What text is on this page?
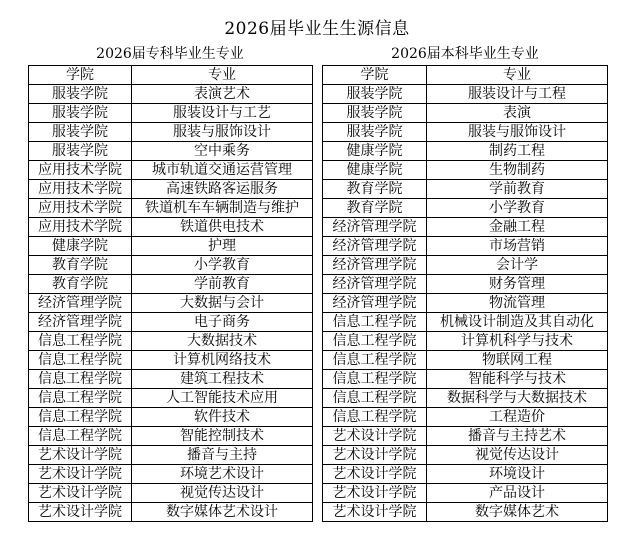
2026届毕业生生源信息
2026届专科毕业生专业	2026届本科毕业生专业
学院	专业
服装学院	表演艺术
服装学院	服装设计与工艺
服装学院	服装与服饰设计
服装学院	空中乘务
应用技术学院	城市轨道交通运营管理
应用技术学院	高速铁路客运服务
应用技术学院	铁道机车车辆制造与维护
应用技术学院	铁道供电技术
健康学院	护理
教育学院	小学教育
教育学院	学前教育
经济管理学院	大数据与会计
经济管理学院	电子商务
信息工程学院	大数据技术
信息工程学院	计算机网络技术
信息工程学院	建筑工程技术
信息工程学院	人工智能技术应用
信息工程学院	软件技术
信息工程学院	智能控制技术
艺术设计学院	播音与主持
艺术设计学院	环境艺术设计
艺术设计学院	视觉传达设计
艺术设计学院	数字媒体艺术设计
学院	专业
服装学院	服装设计与工程
服装学院	表演
服装学院	服装与服饰设计
健康学院	制药工程
健康学院	生物制药
教育学院	学前教育
教育学院	小学教育
经济管理学院	金融工程
经济管理学院	市场营销
经济管理学院	会计学
经济管理学院	财务管理
经济管理学院	物流管理
信息工程学院	机械设计制造及其自动化
信息工程学院	计算机科学与技术
信息工程学院	物联网工程
信息工程学院	智能科学与技术
信息工程学院	数据科学与大数据技术
信息工程学院	工程造价
艺术设计学院	播音与主持艺术
艺术设计学院	视觉传达设计
艺术设计学院	环境设计
艺术设计学院	产品设计
艺术设计学院	数字媒体艺术
